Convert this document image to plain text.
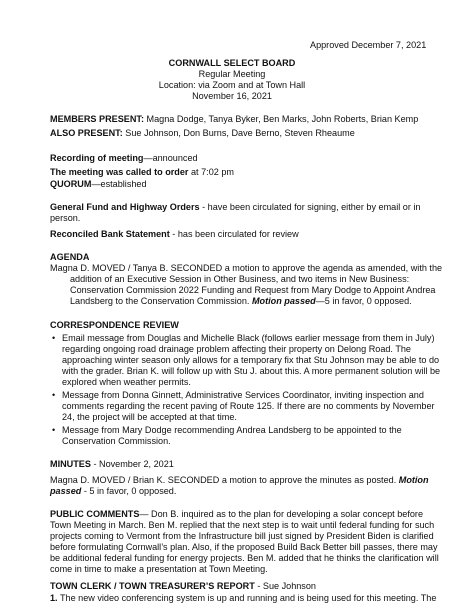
Approved December 7, 2021
CORNWALL SELECT BOARD
Regular Meeting
Location: via Zoom and at Town Hall
November 16, 2021
MEMBERS PRESENT: Magna Dodge, Tanya Byker, Ben Marks, John Roberts, Brian Kemp
ALSO PRESENT: Sue Johnson, Don Burns, Dave Berno, Steven Rheaume
Recording of meeting—announced
The meeting was called to order at 7:02 pm
QUORUM—established
General Fund and Highway Orders - have been circulated for signing, either by email or in
person.
Reconciled Bank Statement - has been circulated for review
AGENDA
Magna D. MOVED / Tanya B. SECONDED a motion to approve the agenda as amended, with the
addition of an Executive Session in Other Business, and two items in New Business:
Conservation Commission 2022 Funding and Request from Mary Dodge to Appoint Andrea
Landsberg to the Conservation Commission. Motion passed—5 in favor, 0 opposed.
CORRESPONDENCE REVIEW
• Email message from Douglas and Michelle Black (follows earlier message from them in July)
regarding ongoing road drainage problem affecting their property on Delong Road. The
approaching winter season only allows for a temporary fix that Stu Johnson may be able to do
with the grader. Brian K. will follow up with Stu J. about this. A more permanent solution will be
explored when weather permits.
• Message from Donna Ginnett, Administrative Services Coordinator, inviting inspection and
comments regarding the recent paving of Route 125. If there are no comments by November
24, the project will be accepted at that time.
• Message from Mary Dodge recommending Andrea Landsberg to be appointed to the
Conservation Commission.
MINUTES - November 2, 2021
Magna D. MOVED / Brian K. SECONDED a motion to approve the minutes as posted. Motion
passed - 5 in favor, 0 opposed.
PUBLIC COMMENTS— Don B. inquired as to the plan for developing a solar concept before
Town Meeting in March. Ben M. replied that the next step is to wait until federal funding for such
projects coming to Vermont from the Infrastructure bill just signed by President Biden is clarified
before formulating Cornwall’s plan. Also, if the proposed Build Back Better bill passes, there may
be additional federal funding for energy projects. Ben M. added that he thinks the clarification will
come in time to make a presentation at Town Meeting.
TOWN CLERK / TOWN TREASURER’S REPORT - Sue Johnson
1. The new video conferencing system is up and running and is being used for this meeting. The
